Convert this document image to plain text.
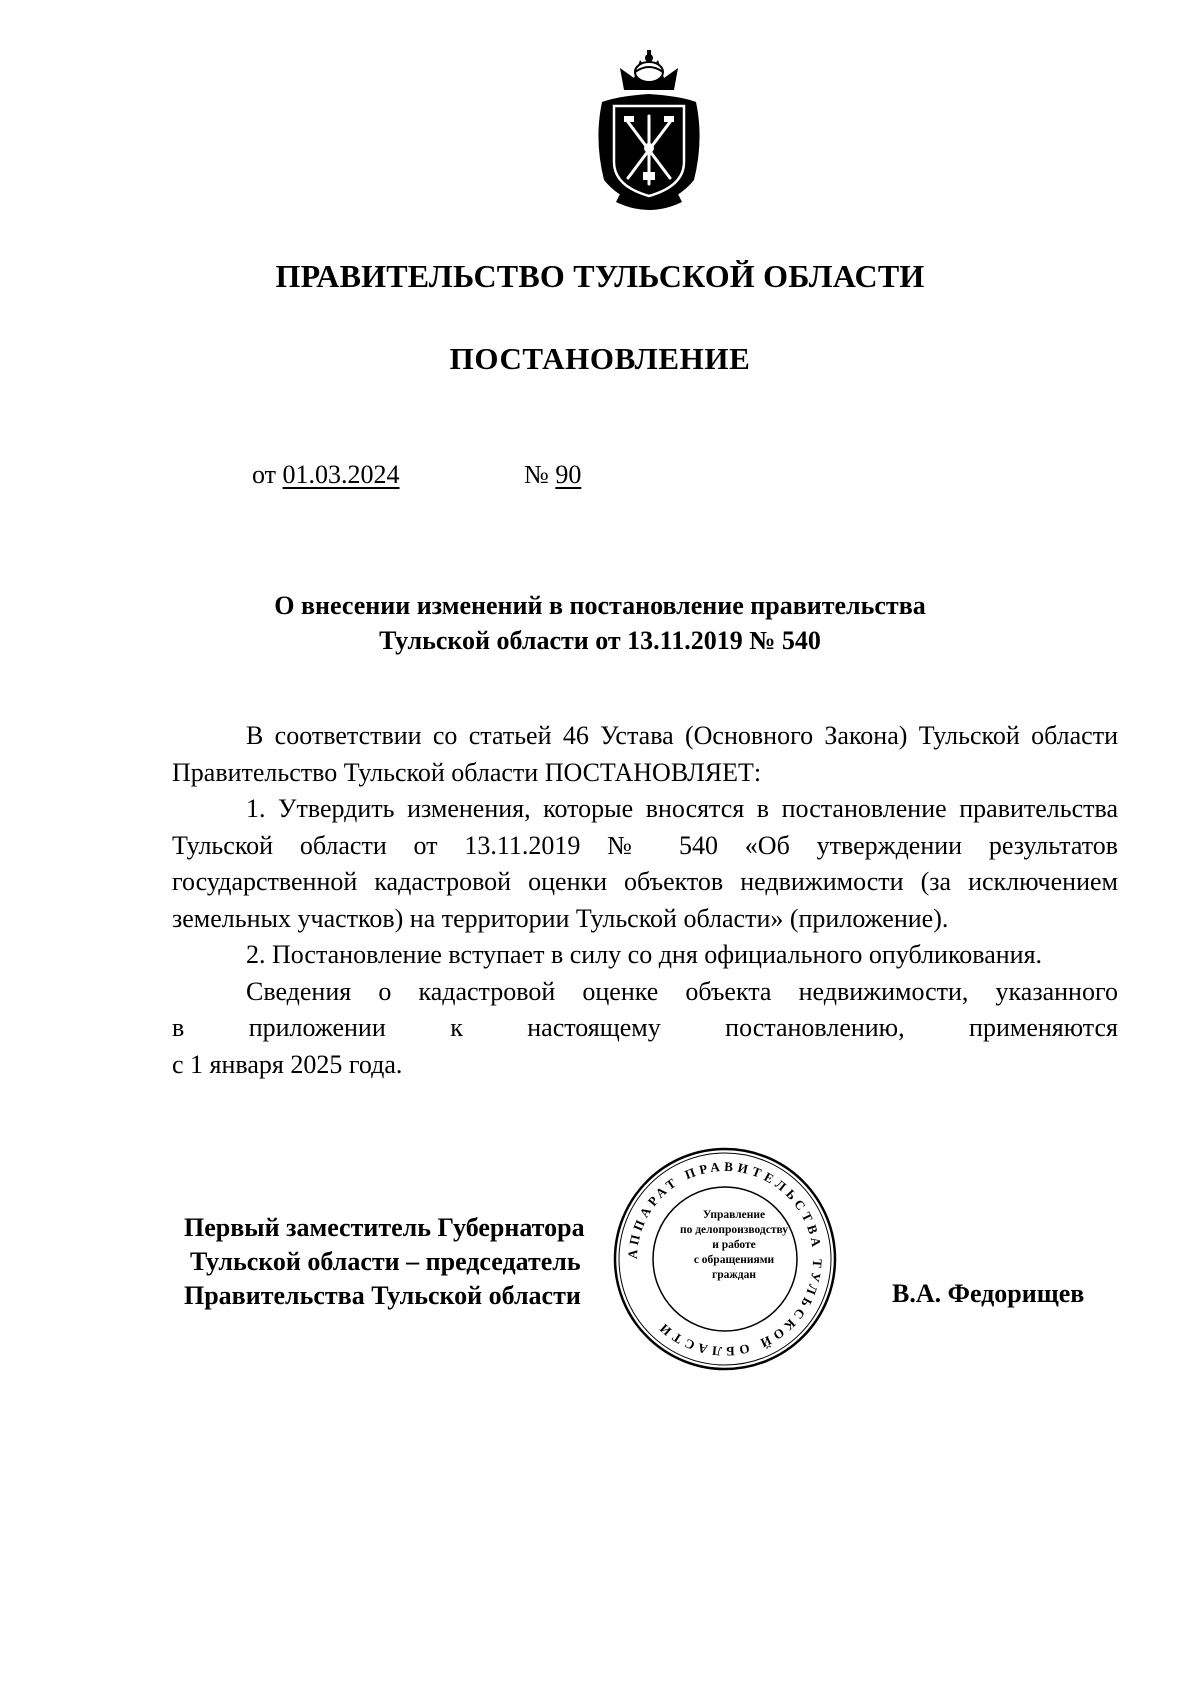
ПРАВИТЕЛЬСТВО ТУЛЬСКОЙ ОБЛАСТИ
ПОСТАНОВЛЕНИЕ
от 01.03.2024	№ 90
О внесении изменений в постановление правительства
Тульской области от 13.11.2019 № 540

В соответствии со статьей 46 Устава (Основного Закона) Тульской области Правительство Тульской области ПОСТАНОВЛЯЕТ:

1. Утвердить изменения, которые вносятся в постановление правительства Тульской области от 13.11.2019 № 540 «Об утверждении результатов государственной кадастровой оценки объектов недвижимости (за исключением земельных участков) на территории Тульской области» (приложение).

2. Постановление вступает в силу со дня официального опубликования.

Сведения о кадастровой оценке объекта недвижимости, указанного

в приложении к настоящему постановлению, применяются
с 1 января 2025 года.
АППАРАТ ПРАВИТЕЛЬСТВА ТУЛЬСКОЙ ОБЛАСТИ
Управление
по делопроизводству
и работе
с обращениями
граждан
Первый заместитель Губернатора
Тульской области – председатель
Правительства Тульской области	В.А. Федорищев
